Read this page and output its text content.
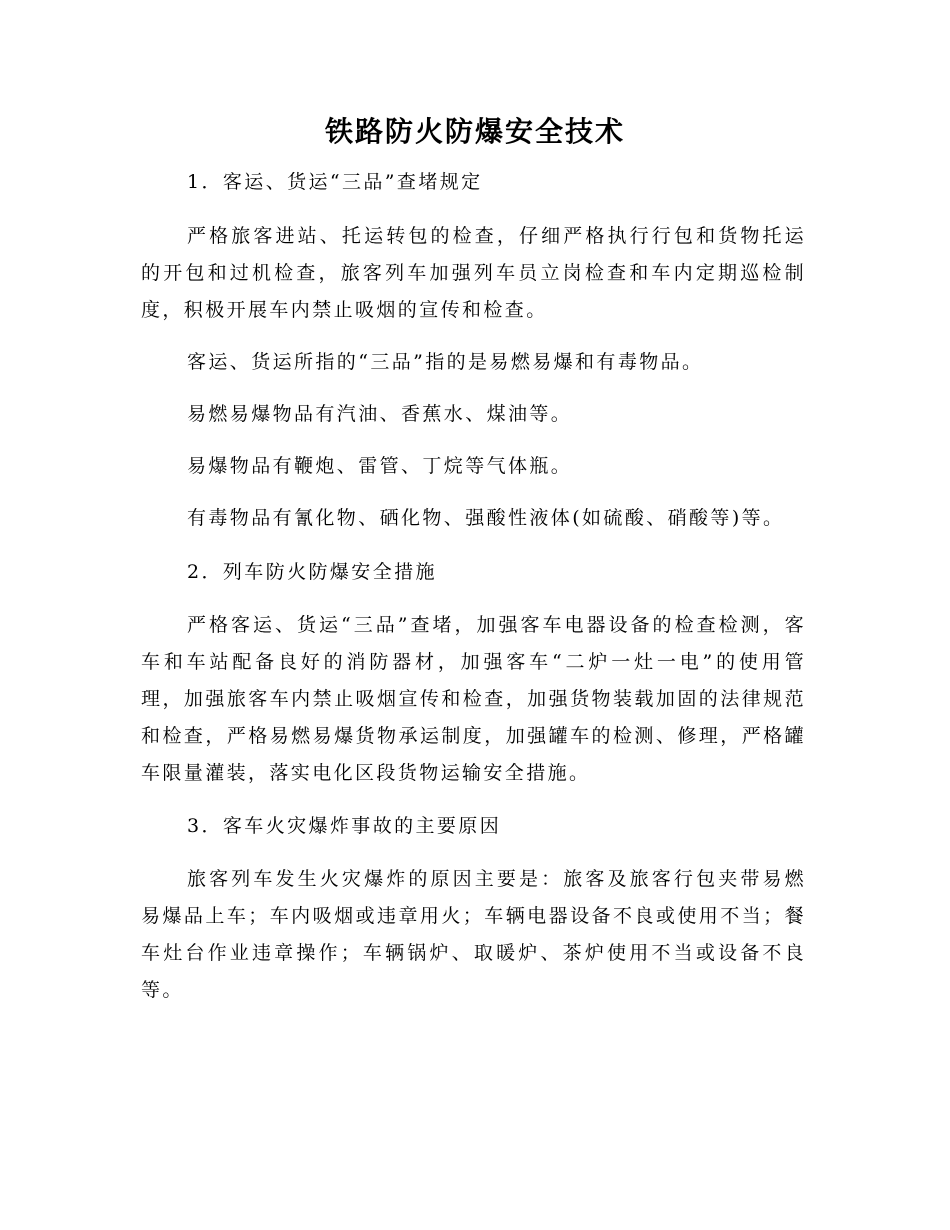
铁路防火防爆安全技术

1．客运、货运“三品”查堵规定

严格旅客进站、托运转包的检查，仔细严格执行行包和货物托运的开包和过机检查，旅客列车加强列车员立岗检查和车内定期巡检制度，积极开展车内禁止吸烟的宣传和检查。

客运、货运所指的“三品”指的是易燃易爆和有毒物品。

易燃易爆物品有汽油、香蕉水、煤油等。

易爆物品有鞭炮、雷管、丁烷等气体瓶。

有毒物品有氰化物、硒化物、强酸性液体(如硫酸、硝酸等)等。

2．列车防火防爆安全措施

严格客运、货运“三品”查堵，加强客车电器设备的检查检测，客车和车站配备良好的消防器材，加强客车“二炉一灶一电”的使用管理，加强旅客车内禁止吸烟宣传和检查，加强货物装载加固的法律规范和检查，严格易燃易爆货物承运制度，加强罐车的检测、修理，严格罐车限量灌装，落实电化区段货物运输安全措施。

3．客车火灾爆炸事故的主要原因

旅客列车发生火灾爆炸的原因主要是：旅客及旅客行包夹带易燃易爆品上车；车内吸烟或违章用火；车辆电器设备不良或使用不当；餐车灶台作业违章操作；车辆锅炉、取暖炉、茶炉使用不当或设备不良等。
